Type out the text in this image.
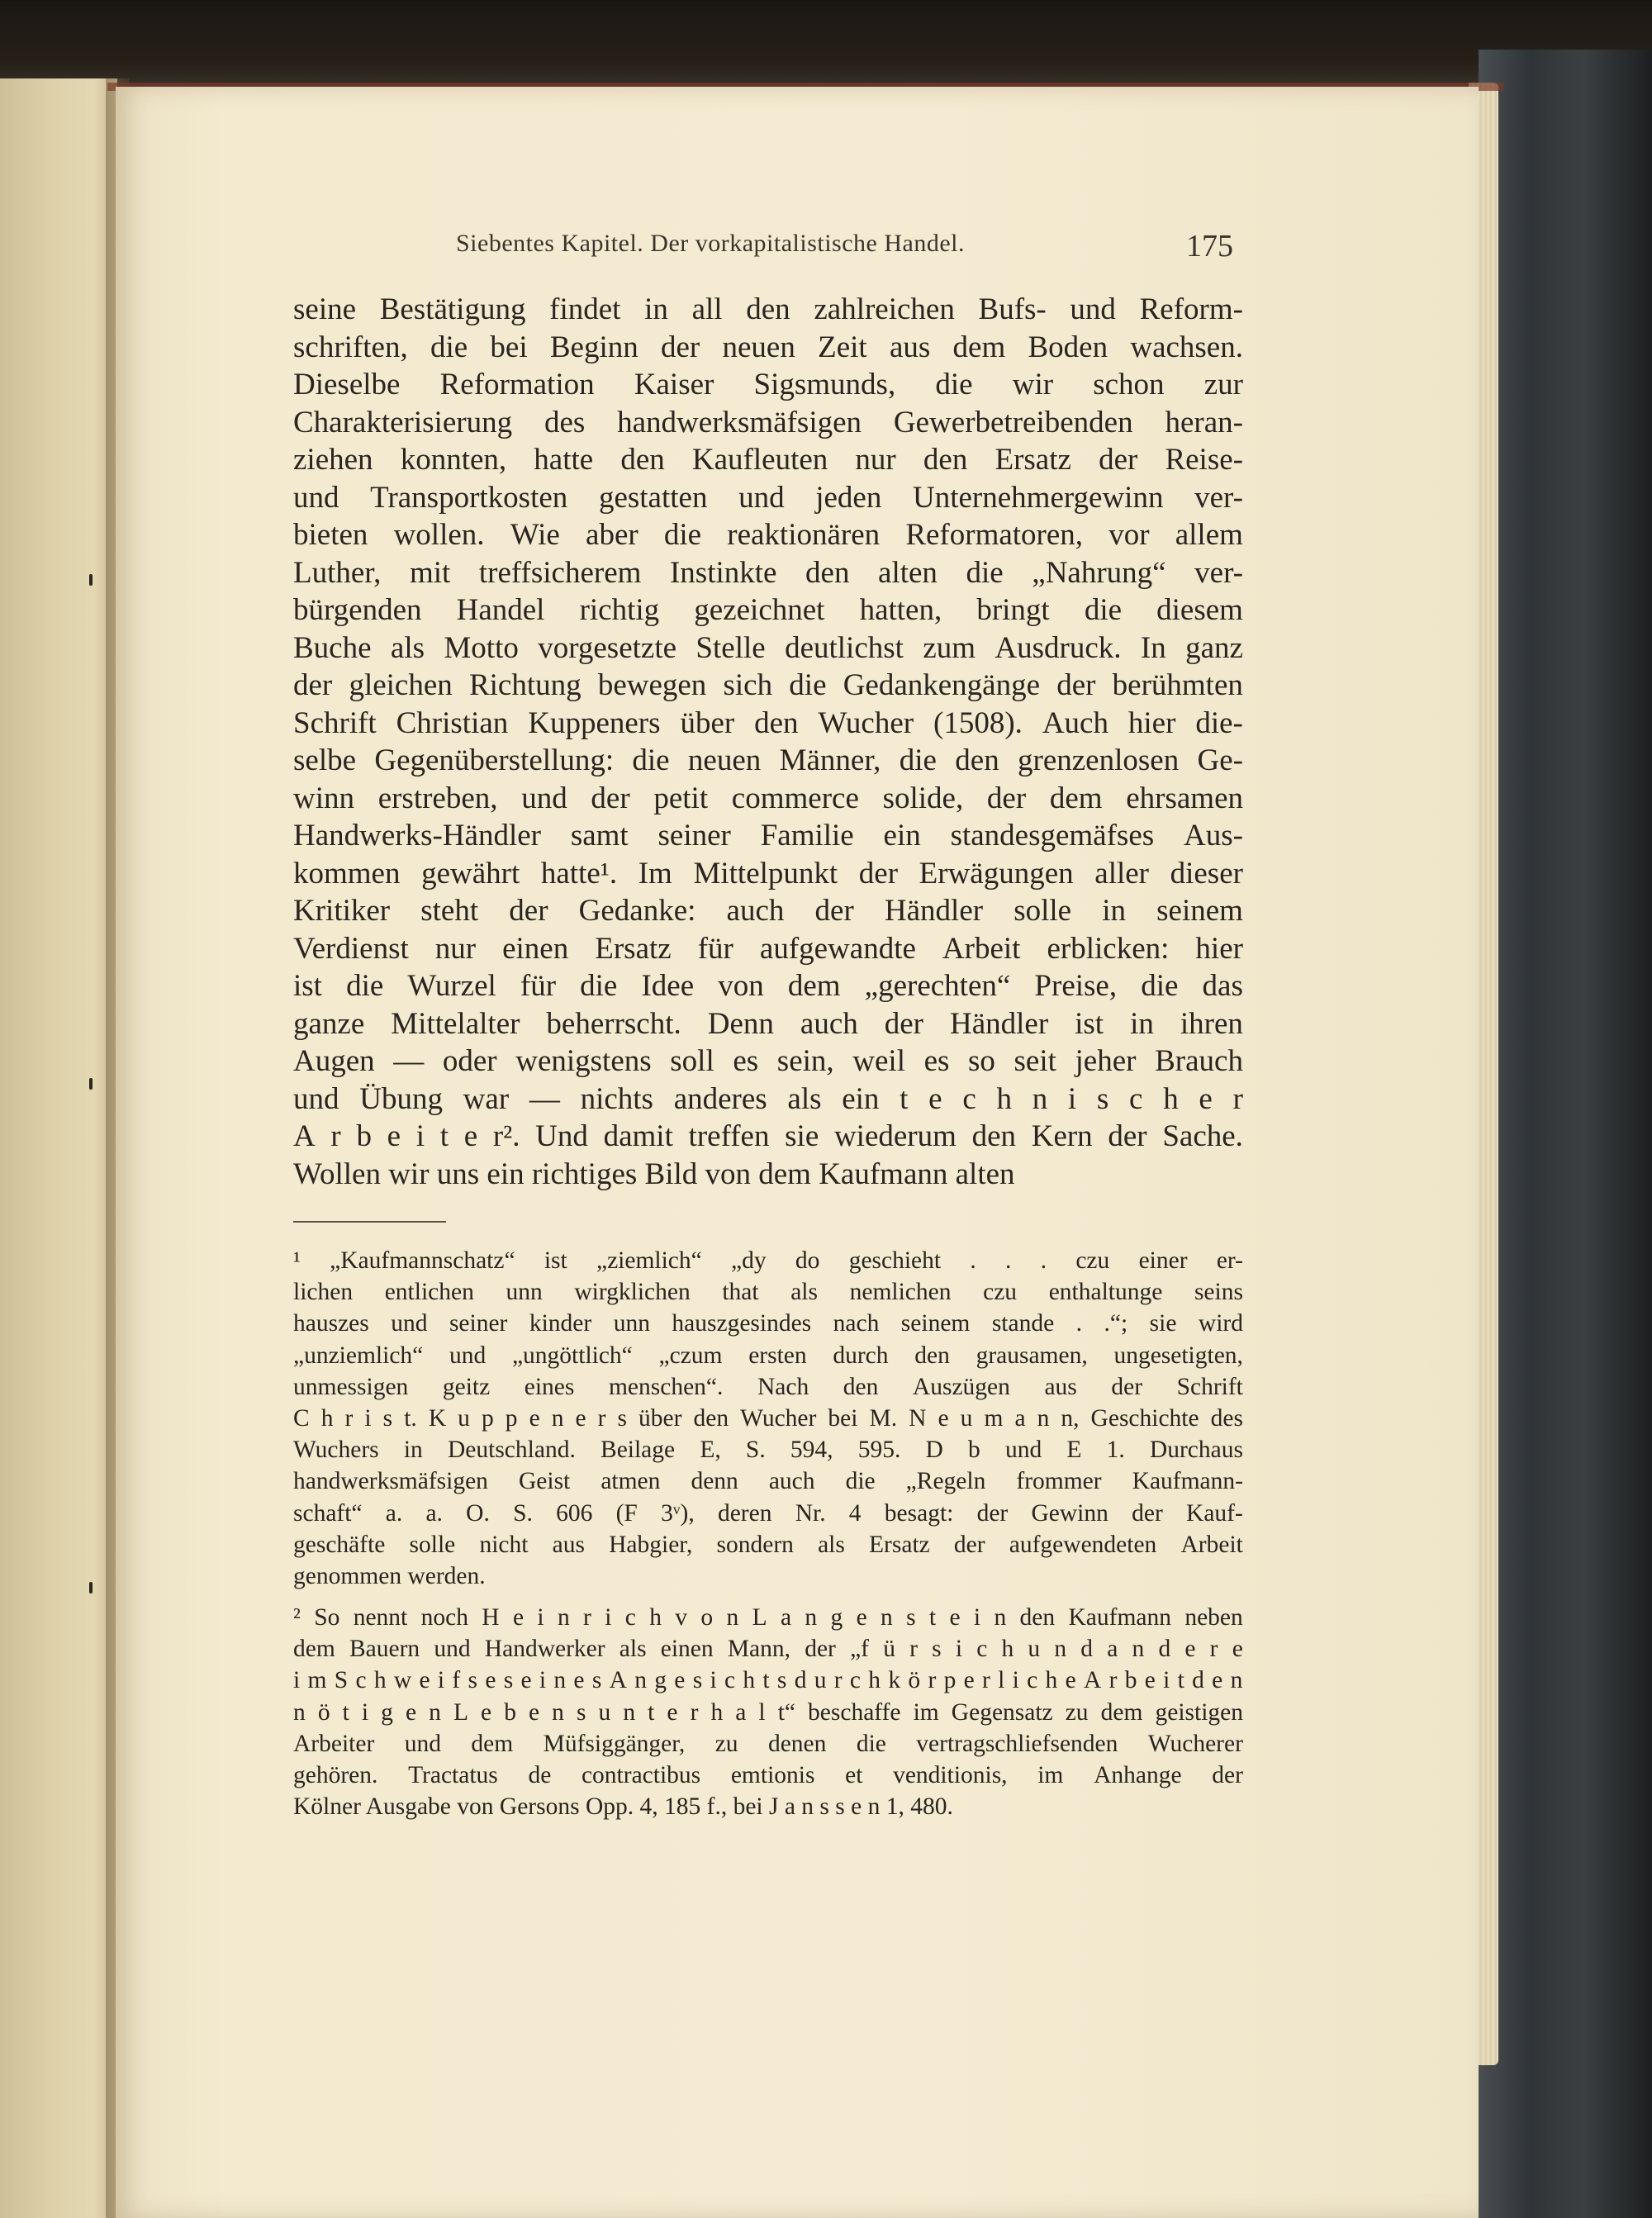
Siebentes Kapitel. Der vorkapitalistische Handel.	175
seine Bestätigung findet in all den zahlreichen Bufs- und Reform-
schriften, die bei Beginn der neuen Zeit aus dem Boden wachsen.
Dieselbe Reformation Kaiser Sigsmunds, die wir schon zur
Charakterisierung des handwerksmäfsigen Gewerbetreibenden heran-
ziehen konnten, hatte den Kaufleuten nur den Ersatz der Reise-
und Transportkosten gestatten und jeden Unternehmergewinn ver-
bieten wollen. Wie aber die reaktionären Reformatoren, vor allem
Luther, mit treffsicherem Instinkte den alten die „Nahrung“ ver-
bürgenden Handel richtig gezeichnet hatten, bringt die diesem
Buche als Motto vorgesetzte Stelle deutlichst zum Ausdruck. In ganz
der gleichen Richtung bewegen sich die Gedankengänge der berühmten
Schrift Christian Kuppeners über den Wucher (1508). Auch hier die-
selbe Gegenüberstellung: die neuen Männer, die den grenzenlosen Ge-
winn erstreben, und der petit commerce solide, der dem ehrsamen
Handwerks-Händler samt seiner Familie ein standesgemäfses Aus-
kommen gewährt hatte¹. Im Mittelpunkt der Erwägungen aller dieser
Kritiker steht der Gedanke: auch der Händler solle in seinem
Verdienst nur einen Ersatz für aufgewandte Arbeit erblicken: hier
ist die Wurzel für die Idee von dem „gerechten“ Preise, die das
ganze Mittelalter beherrscht. Denn auch der Händler ist in ihren
Augen — oder wenigstens soll es sein, weil es so seit jeher Brauch
und Übung war — nichts anderes als ein t e c h n i s c h e r
A r b e i t e r². Und damit treffen sie wiederum den Kern der Sache.
Wollen wir uns ein richtiges Bild von dem Kaufmann alten
¹ „Kaufmannschatz“ ist „ziemlich“ „dy do geschieht . . . czu einer er-
lichen entlichen unn wirgklichen that als nemlichen czu enthaltunge seins
hauszes und seiner kinder unn hauszgesindes nach seinem stande . .“; sie wird
„unziemlich“ und „ungöttlich“ „czum ersten durch den grausamen, ungesetigten,
unmessigen geitz eines menschen“. Nach den Auszügen aus der Schrift
C h r i s t. K u p p e n e r s über den Wucher bei M. N e u m a n n, Geschichte des
Wuchers in Deutschland. Beilage E, S. 594, 595. D b und E 1. Durchaus
handwerksmäfsigen Geist atmen denn auch die „Regeln frommer Kaufmann-
schaft“ a. a. O. S. 606 (F 3ᵛ), deren Nr. 4 besagt: der Gewinn der Kauf-
geschäfte solle nicht aus Habgier, sondern als Ersatz der aufgewendeten Arbeit
genommen werden.
² So nennt noch H e i n r i c h v o n L a n g e n s t e i n den Kaufmann neben
dem Bauern und Handwerker als einen Mann, der „f ü r s i c h u n d a n d e r e
i m S c h w e i f s e s e i n e s A n g e s i c h t s d u r c h k ö r p e r l i c h e A r b e i t d e n
n ö t i g e n L e b e n s u n t e r h a l t“ beschaffe im Gegensatz zu dem geistigen
Arbeiter und dem Müfsiggänger, zu denen die vertragschliefsenden Wucherer
gehören. Tractatus de contractibus emtionis et venditionis, im Anhange der
Kölner Ausgabe von Gersons Opp. 4, 185 f., bei J a n s s e n 1, 480.
